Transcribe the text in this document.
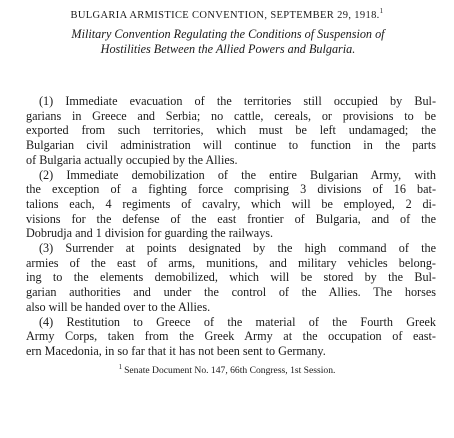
BULGARIA ARMISTICE CONVENTION, SEPTEMBER 29, 1918.$^1$
Military Convention Regulating the Conditions of Suspension of
Hostilities Between the Allied Powers and Bulgaria.
(1) Immediate evacuation of the territories still occupied by Bul-
garians in Greece and Serbia; no cattle, cereals, or provisions to be
exported from such territories, which must be left undamaged; the
Bulgarian civil administration will continue to function in the parts
of Bulgaria actually occupied by the Allies.
(2) Immediate demobilization of the entire Bulgarian Army, with
the exception of a fighting force comprising 3 divisions of 16 bat-
talions each, 4 regiments of cavalry, which will be employed, 2 di-
visions for the defense of the east frontier of Bulgaria, and of the
Dobrudja and 1 division for guarding the railways.
(3) Surrender at points designated by the high command of the
armies of the east of arms, munitions, and military vehicles belong-
ing to the elements demobilized, which will be stored by the Bul-
garian authorities and under the control of the Allies. The horses
also will be handed over to the Allies.
(4) Restitution to Greece of the material of the Fourth Greek
Army Corps, taken from the Greek Army at the occupation of east-
ern Macedonia, in so far that it has not been sent to Germany.
$^1$ Senate Document No. 147, 66th Congress, 1st Session.
